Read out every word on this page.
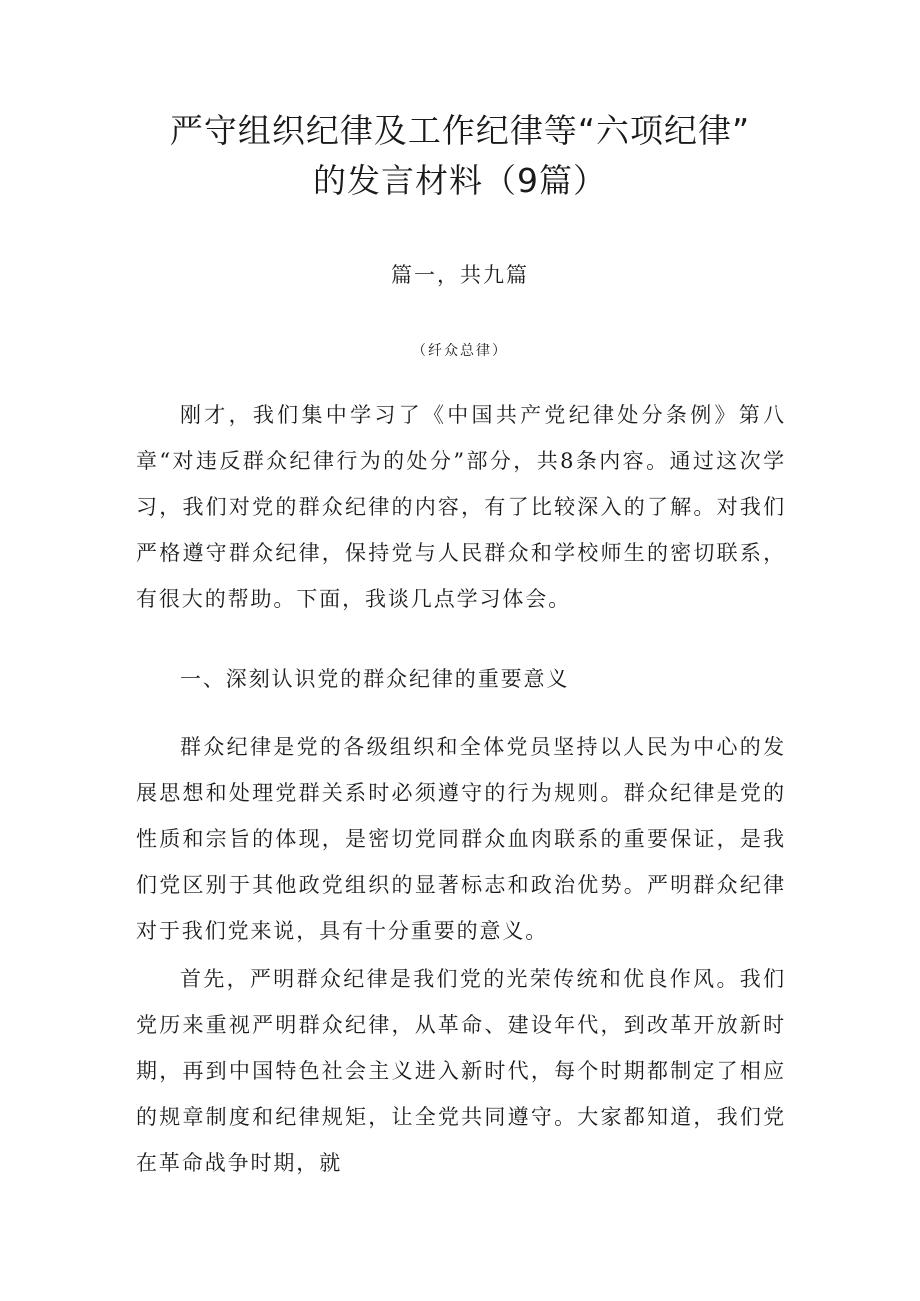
严守组织纪律及工作纪律等“六项纪律”
的发言材料（9篇）

篇一，共九篇

（纤众总律）

刚才，我们集中学习了《中国共产党纪律处分条例》第八章“对违反群众纪律行为的处分”部分，共8条内容。通过这次学习，我们对党的群众纪律的内容，有了比较深入的了解。对我们严格遵守群众纪律，保持党与人民群众和学校师生的密切联系，有很大的帮助。下面，我谈几点学习体会。

一、深刻认识党的群众纪律的重要意义

群众纪律是党的各级组织和全体党员坚持以人民为中心的发展思想和处理党群关系时必须遵守的行为规则。群众纪律是党的性质和宗旨的体现，是密切党同群众血肉联系的重要保证，是我们党区别于其他政党组织的显著标志和政治优势。严明群众纪律对于我们党来说，具有十分重要的意义。

首先，严明群众纪律是我们党的光荣传统和优良作风。我们党历来重视严明群众纪律，从革命、建设年代，到改革开放新时期，再到中国特色社会主义进入新时代，每个时期都制定了相应的规章制度和纪律规矩，让全党共同遵守。大家都知道，我们党在革命战争时期，就
